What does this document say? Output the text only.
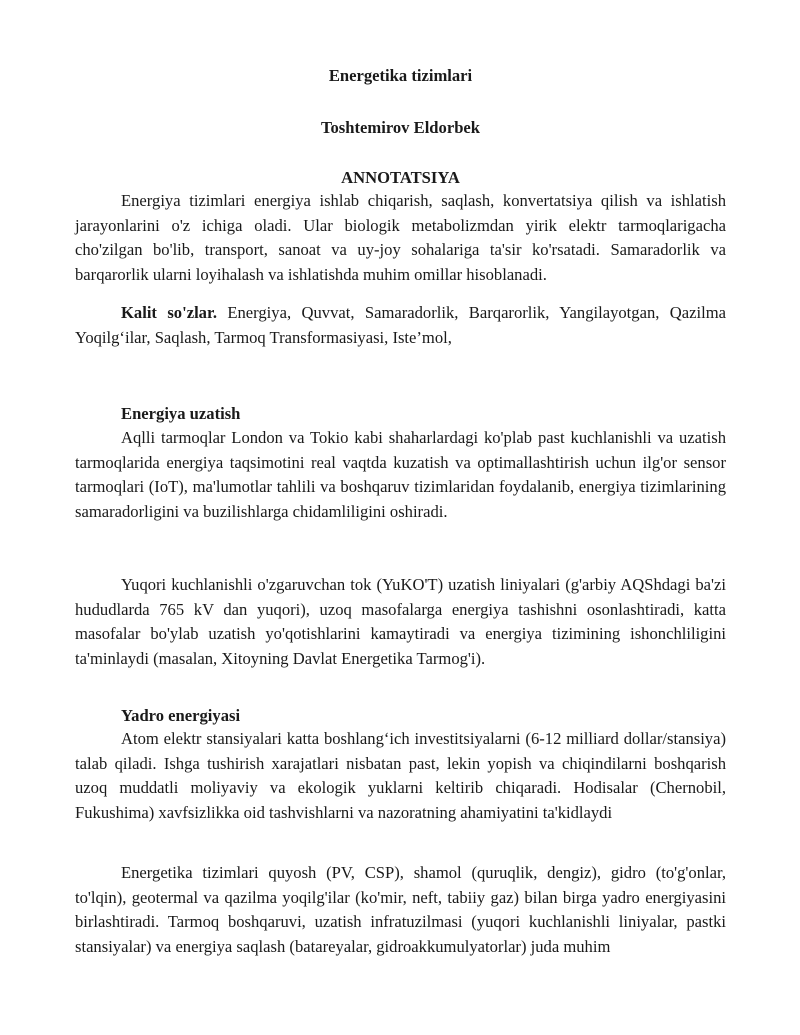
Energetika tizimlari
Toshtemirov Eldorbek
ANNOTATSIYA

Energiya tizimlari energiya ishlab chiqarish, saqlash, konvertatsiya qilish va ishlatish jarayonlarini o'z ichiga oladi. Ular biologik metabolizmdan yirik elektr tarmoqlarigacha cho'zilgan bo'lib, transport, sanoat va uy-joy sohalariga ta'sir ko'rsatadi. Samaradorlik va barqarorlik ularni loyihalash va ishlatishda muhim omillar hisoblanadi.

Kalit so'zlar. Energiya, Quvvat, Samaradorlik, Barqarorlik, Yangilayotgan, Qazilma Yoqilg‘ilar, Saqlash, Tarmoq Transformasiyasi, Iste’mol,

Energiya uzatish

Aqlli tarmoqlar London va Tokio kabi shaharlardagi ko'plab past kuchlanishli va uzatish tarmoqlarida energiya taqsimotini real vaqtda kuzatish va optimallashtirish uchun ilg'or sensor tarmoqlari (IoT), ma'lumotlar tahlili va boshqaruv tizimlaridan foydalanib, energiya tizimlarining samaradorligini va buzilishlarga chidamliligini oshiradi.

Yuqori kuchlanishli o'zgaruvchan tok (YuKO'T) uzatish liniyalari (g'arbiy AQShdagi ba'zi hududlarda 765 kV dan yuqori), uzoq masofalarga energiya tashishni osonlashtiradi, katta masofalar bo'ylab uzatish yo'qotishlarini kamaytiradi va energiya tizimining ishonchliligini ta'minlaydi (masalan, Xitoyning Davlat Energetika Tarmog'i).

Yadro energiyasi

Atom elektr stansiyalari katta boshlang‘ich investitsiyalarni (6-12 milliard dollar/stansiya) talab qiladi. Ishga tushirish xarajatlari nisbatan past, lekin yopish va chiqindilarni boshqarish uzoq muddatli moliyaviy va ekologik yuklarni keltirib chiqaradi. Hodisalar (Chernobil, Fukushima) xavfsizlikka oid tashvishlarni va nazoratning ahamiyatini ta'kidlaydi

Energetika tizimlari quyosh (PV, CSP), shamol (quruqlik, dengiz), gidro (to'g'onlar, to'lqin), geotermal va qazilma yoqilg'ilar (ko'mir, neft, tabiiy gaz) bilan birga yadro energiyasini birlashtiradi. Tarmoq boshqaruvi, uzatish infratuzilmasi (yuqori kuchlanishli liniyalar, pastki stansiyalar) va energiya saqlash (batareyalar, gidroakkumulyatorlar) juda muhim
